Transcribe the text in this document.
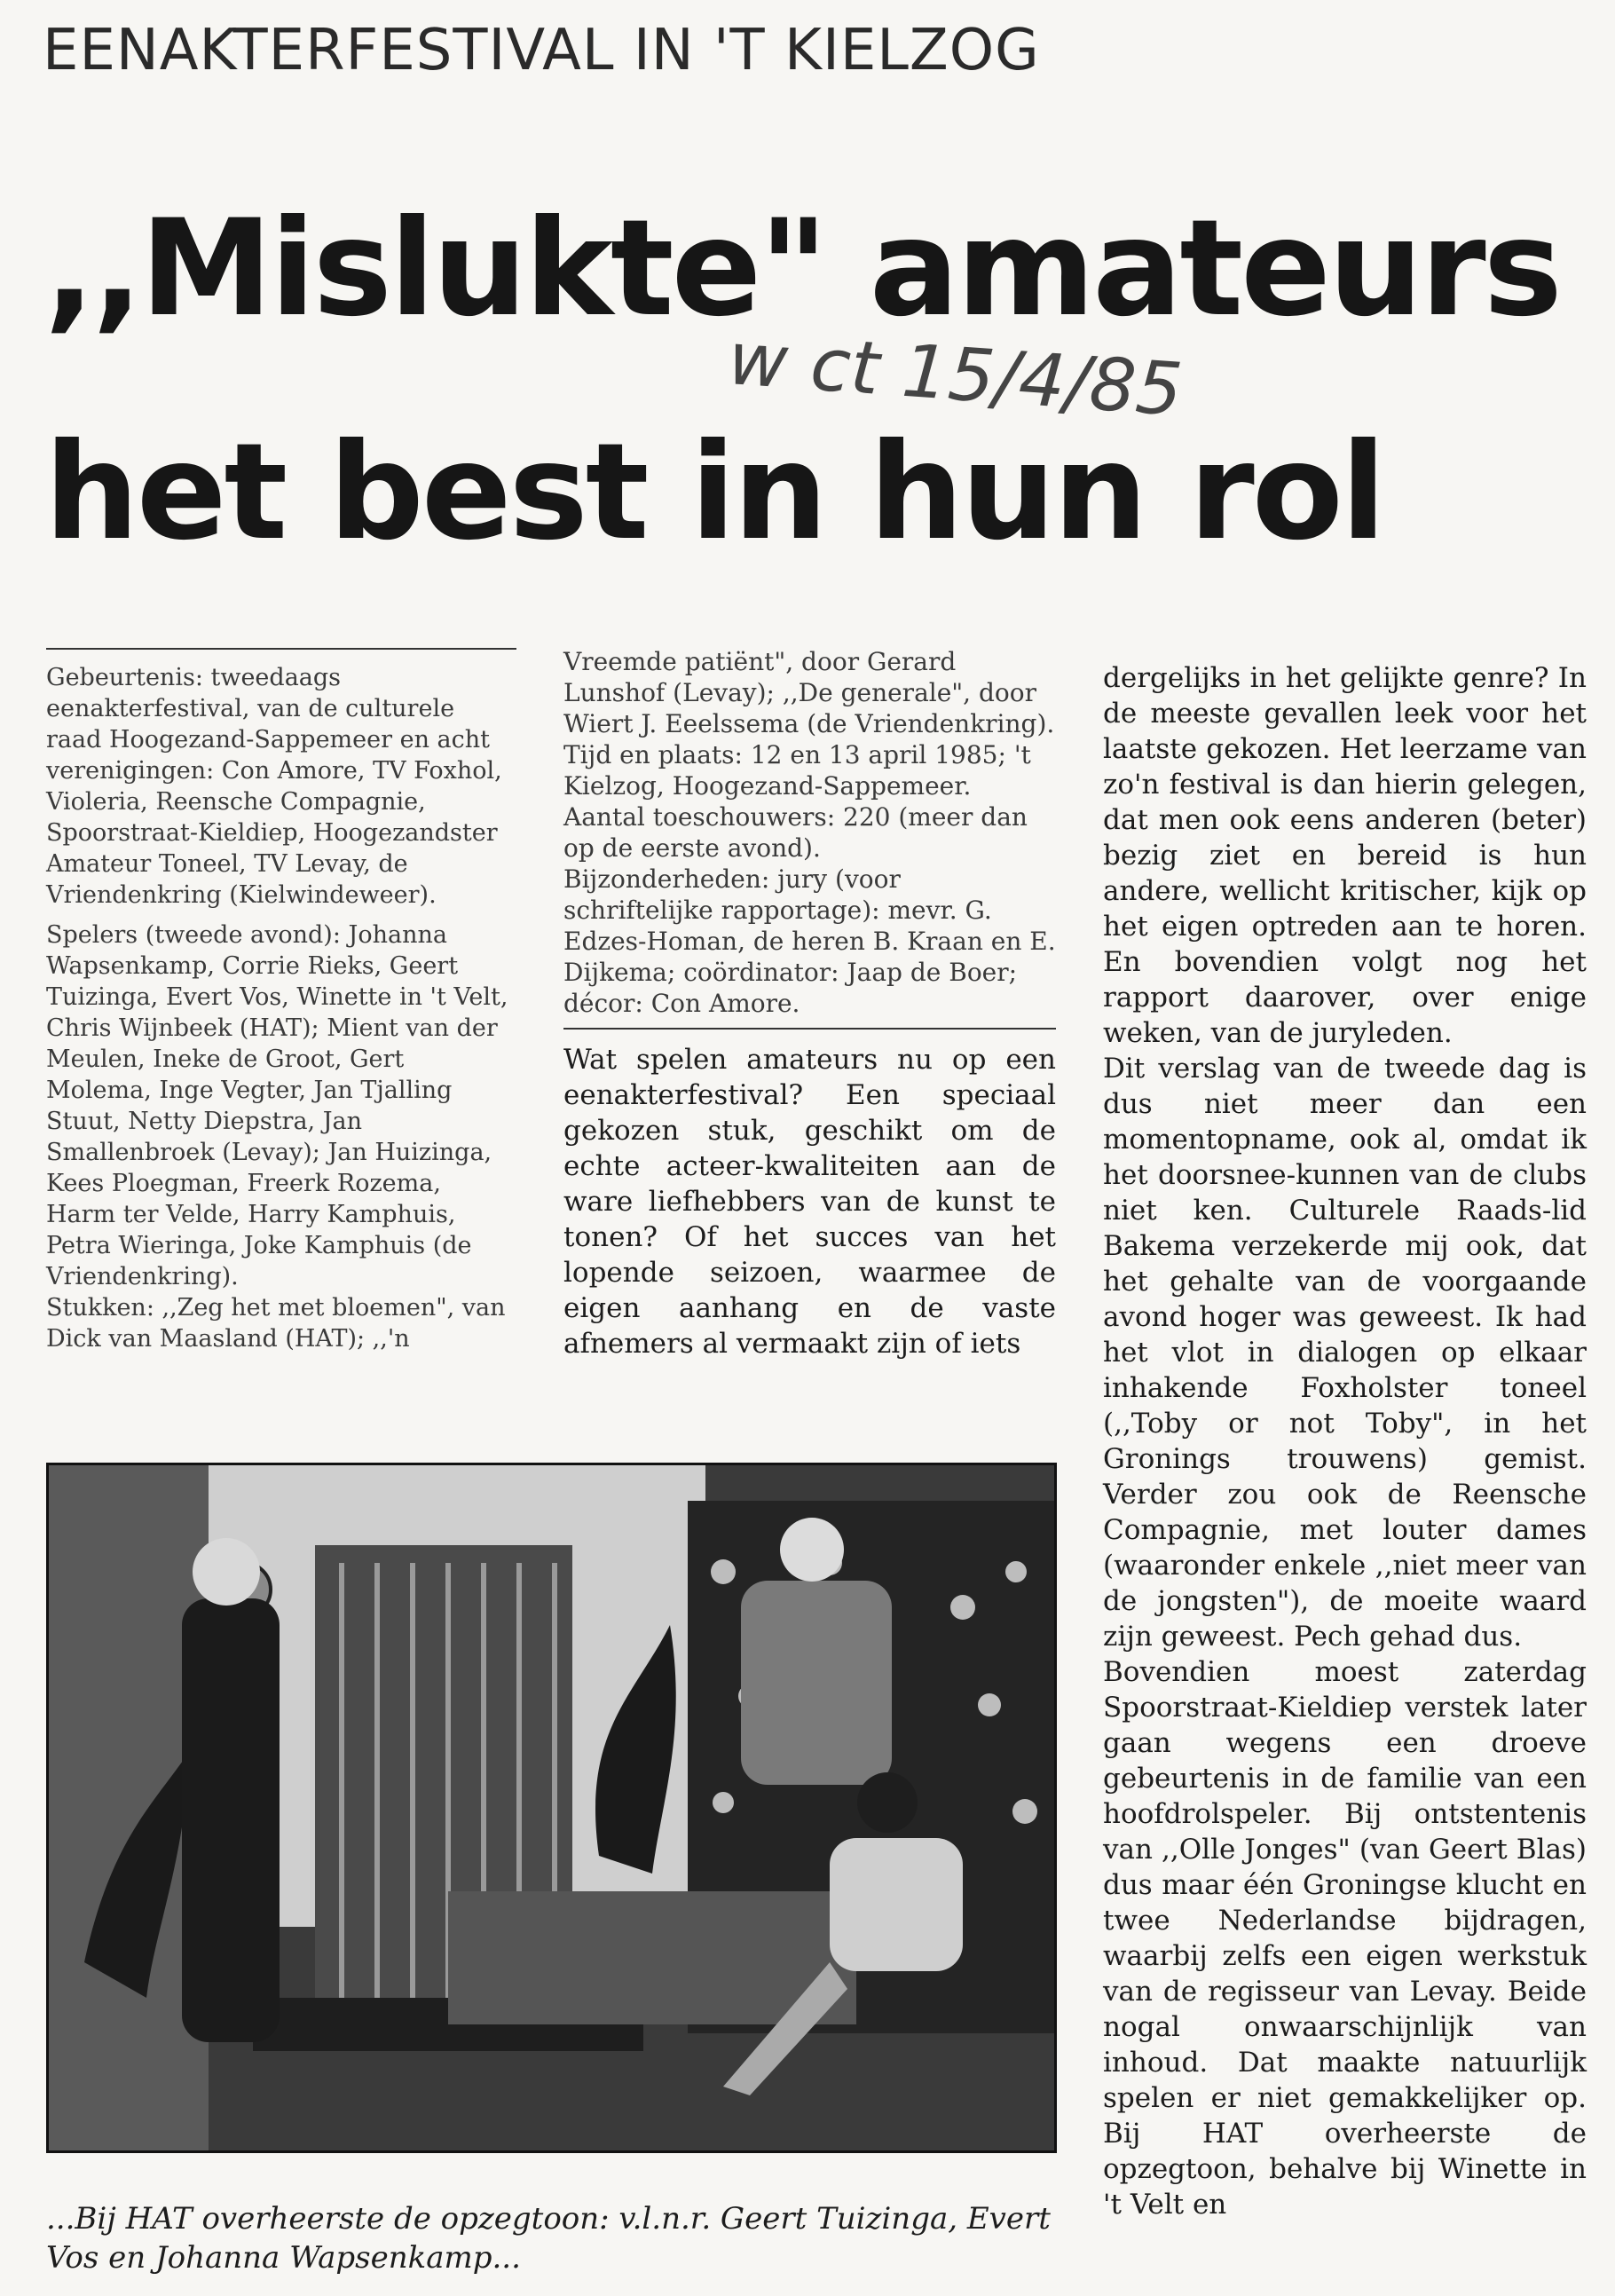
EENAKTERFESTIVAL IN 'T KIELZOG
,,Mislukte" amateurs
w ct 15/4/85
het best in hun rol

Gebeurtenis: tweedaags eenakterfestival, van de culturele raad Hoogezand-Sappemeer en acht verenigingen: Con Amore, TV Foxhol, Violeria, Reensche Compagnie, Spoorstraat-Kieldiep, Hoogezandster Amateur Toneel, TV Levay, de Vriendenkring (Kielwindeweer).

Spelers (tweede avond): Johanna Wapsenkamp, Corrie Rieks, Geert Tuizinga, Evert Vos, Winette in 't Velt, Chris Wijnbeek (HAT); Mient van der Meulen, Ineke de Groot, Gert Molema, Inge Vegter, Jan Tjalling Stuut, Netty Diepstra, Jan Smallenbroek (Levay); Jan Huizinga, Kees Ploegman, Freerk Rozema, Harm ter Velde, Harry Kamphuis, Petra Wieringa, Joke Kamphuis (de Vriendenkring).

Stukken: ,,Zeg het met bloemen", van Dick van Maasland (HAT); ,,'n

Vreemde patiënt", door Gerard Lunshof (Levay); ,,De generale", door Wiert J. Eeelssema (de Vriendenkring).

Tijd en plaats: 12 en 13 april 1985; 't Kielzog, Hoogezand-Sappemeer.

Aantal toeschouwers: 220 (meer dan op de eerste avond).

Bijzonderheden: jury (voor schriftelijke rapportage): mevr. G. Edzes-Homan, de heren B. Kraan en E. Dijkema; coördinator: Jaap de Boer; décor: Con Amore.

Wat spelen amateurs nu op een eenakterfestival? Een speciaal gekozen stuk, geschikt om de echte acteer-kwaliteiten aan de ware liefhebbers van de kunst te tonen? Of het succes van het lopende seizoen, waarmee de eigen aanhang en de vaste afnemers al vermaakt zijn of iets

dergelijks in het gelijkte genre? In de meeste gevallen leek voor het laatste gekozen. Het leerzame van zo'n festival is dan hierin gelegen, dat men ook eens anderen (beter) bezig ziet en bereid is hun andere, wellicht kritischer, kijk op het eigen optreden aan te horen. En bovendien volgt nog het rapport daarover, over enige weken, van de juryleden.

Dit verslag van de tweede dag is dus niet meer dan een momentopname, ook al, omdat ik het doorsnee-kunnen van de clubs niet ken. Culturele Raads-lid Bakema verzekerde mij ook, dat het gehalte van de voorgaande avond hoger was geweest. Ik had het vlot in dialogen op elkaar inhakende Foxholster toneel (,,Toby or not Toby", in het Gronings trouwens) gemist. Verder zou ook de Reensche Compagnie, met louter dames (waaronder enkele ,,niet meer van de jongsten"), de moeite waard zijn geweest. Pech gehad dus.

Bovendien moest zaterdag Spoorstraat-Kieldiep verstek later gaan wegens een droeve gebeurtenis in de familie van een hoofdrolspeler. Bij ontstentenis van ,,Olle Jonges" (van Geert Blas) dus maar één Groningse klucht en twee Nederlandse bijdragen, waarbij zelfs een eigen werkstuk van de regisseur van Levay. Beide nogal onwaarschijnlijk van inhoud. Dat maakte natuurlijk spelen er niet gemakkelijker op. Bij HAT overheerste de opzegtoon, behalve bij Winette in 't Velt en

...Bij HAT overheerste de opzegtoon: v.l.n.r. Geert Tuizinga, Evert Vos en Johanna Wapsenkamp...
